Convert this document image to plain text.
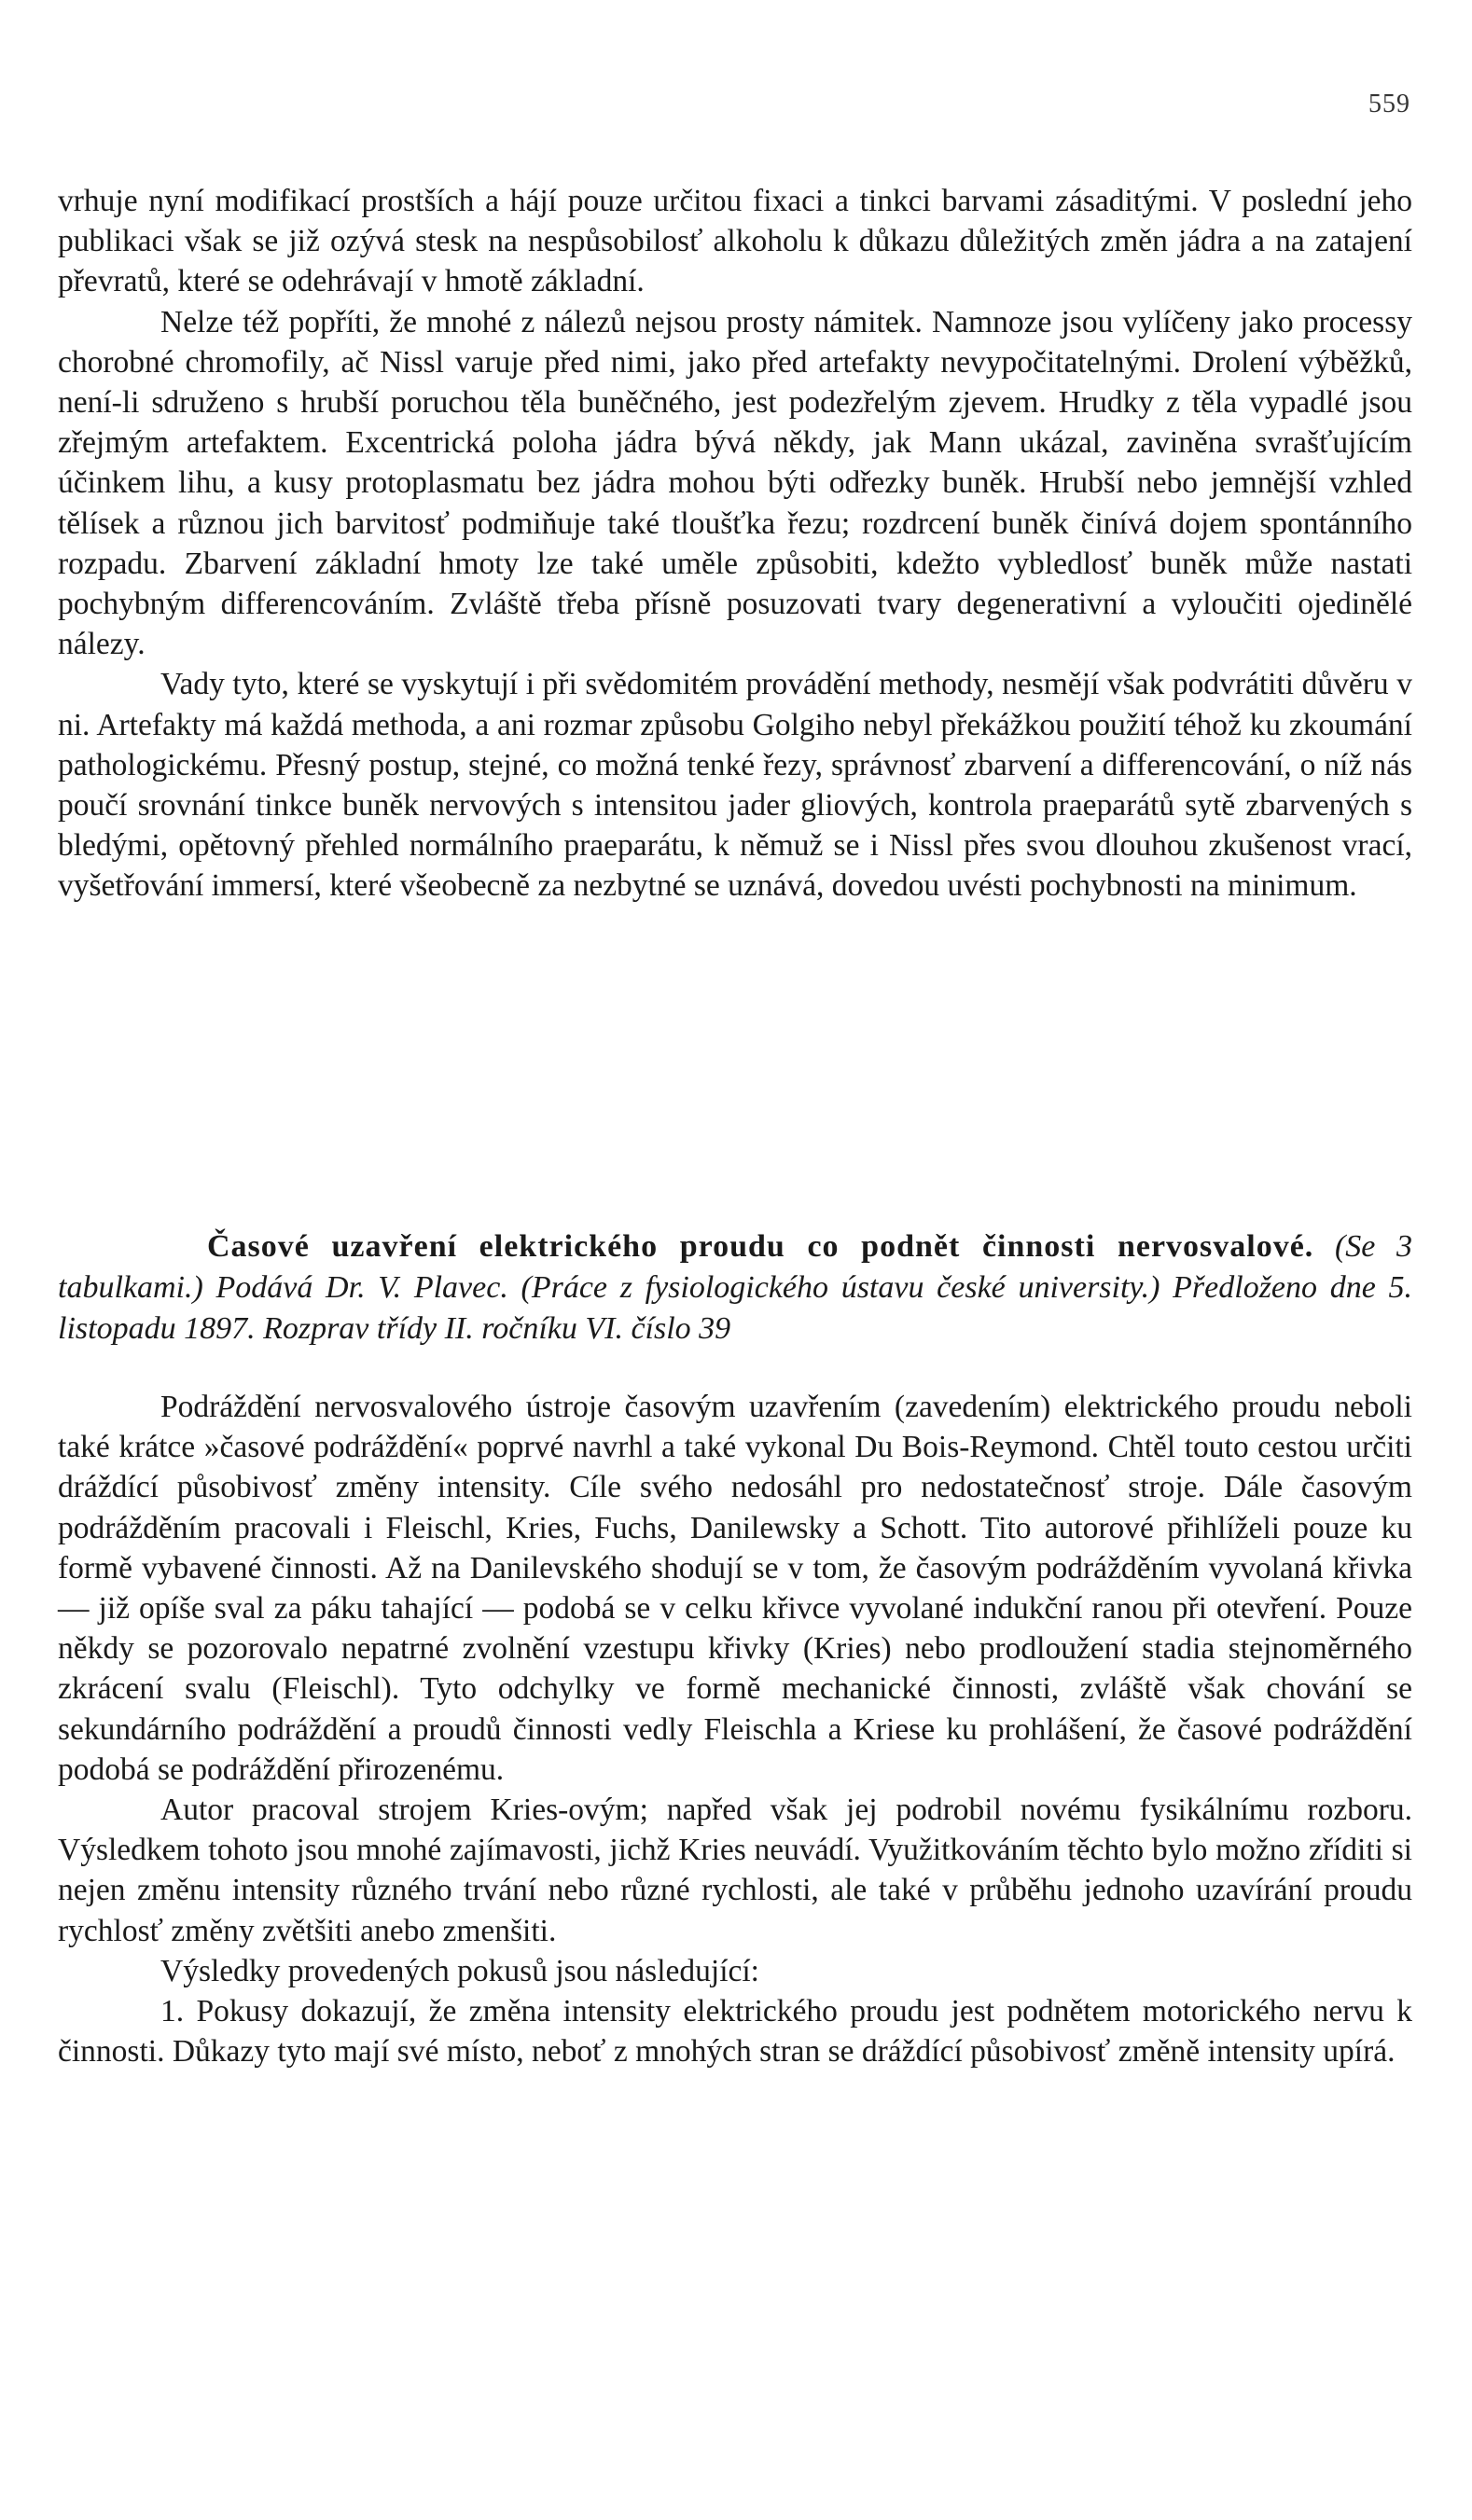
559

vrhuje nyní modifikací prostších a hájí pouze určitou fixaci a tinkci barvami zásaditými. V poslední jeho publikaci však se již ozývá stesk na nespůsobilosť alkoholu k důkazu důležitých změn jádra a na zatajení převratů, které se odehrávají v hmotě základní.

Nelze též popříti, že mnohé z nálezů nejsou prosty námitek. Namnoze jsou vylíčeny jako processy chorobné chromofily, ač Nissl varuje před nimi, jako před artefakty nevypočitatelnými. Drolení výběžků, není-li sdruženo s hrubší poruchou těla buněčného, jest podezřelým zjevem. Hrudky z těla vypadlé jsou zřejmým artefaktem. Excentrická poloha jádra bývá někdy, jak Mann ukázal, zaviněna svrašťujícím účinkem lihu, a kusy protoplasmatu bez jádra mohou býti odřezky buněk. Hrubší nebo jemnější vzhled tělísek a různou jich barvitosť podmiňuje také tloušťka řezu; rozdrcení buněk činívá dojem spontánního rozpadu. Zbarvení základní hmoty lze také uměle způsobiti, kdežto vybledlosť buněk může nastati pochybným differencováním. Zvláště třeba přísně posuzovati tvary degenerativní a vyloučiti ojedinělé nálezy.

Vady tyto, které se vyskytují i při svědomitém provádění methody, nesmějí však podvrátiti důvěru v ni. Artefakty má každá methoda, a ani rozmar způsobu Golgiho nebyl překážkou použití téhož ku zkoumání pathologickému. Přesný postup, stejné, co možná tenké řezy, správnosť zbarvení a differencování, o níž nás poučí srovnání tinkce buněk nervových s intensitou jader gliových, kontrola praeparátů sytě zbarvených s bledými, opětovný přehled normálního praeparátu, k němuž se i Nissl přes svou dlouhou zkušenost vrací, vyšetřování immersí, které všeobecně za nezbytné se uznává, dovedou uvésti pochybnosti na minimum.

Časové uzavření elektrického proudu co podnět činnosti nervosvalové. (Se 3 tabulkami.) Podává Dr. V. Plavec. (Práce z fysiologického ústavu české university.) Předloženo dne 5. listopadu 1897. Rozprav třídy II. ročníku VI. číslo 39

Podráždění nervosvalového ústroje časovým uzavřením (zavedením) elektrického proudu neboli také krátce »časové podráždění« poprvé navrhl a také vykonal Du Bois-Reymond. Chtěl touto cestou určiti dráždící působivosť změny intensity. Cíle svého nedosáhl pro nedostatečnosť stroje. Dále časovým podrážděním pracovali i Fleischl, Kries, Fuchs, Danilewsky a Schott. Tito autorové přihlíželi pouze ku formě vybavené činnosti. Až na Danilevského shodují se v tom, že časovým podrážděním vyvolaná křivka — již opíše sval za páku tahající — podobá se v celku křivce vyvolané indukční ranou při otevření. Pouze někdy se pozorovalo nepatrné zvolnění vzestupu křivky (Kries) nebo prodloužení stadia stejnoměrného zkrácení svalu (Fleischl). Tyto odchylky ve formě mechanické činnosti, zvláště však chování se sekundárního podráždění a proudů činnosti vedly Fleischla a Kriese ku prohlášení, že časové podráždění podobá se podráždění přirozenému.

Autor pracoval strojem Kries-ovým; napřed však jej podrobil novému fysikálnímu rozboru. Výsledkem tohoto jsou mnohé zajímavosti, jichž Kries neuvádí. Využitkováním těchto bylo možno zříditi si nejen změnu intensity různého trvání nebo různé rychlosti, ale také v průběhu jednoho uzavírání proudu rychlosť změny zvětšiti anebo zmenšiti.

Výsledky provedených pokusů jsou následující:

1. Pokusy dokazují, že změna intensity elektrického proudu jest podnětem motorického nervu k činnosti. Důkazy tyto mají své místo, neboť z mnohých stran se dráždící působivosť změně intensity upírá.
